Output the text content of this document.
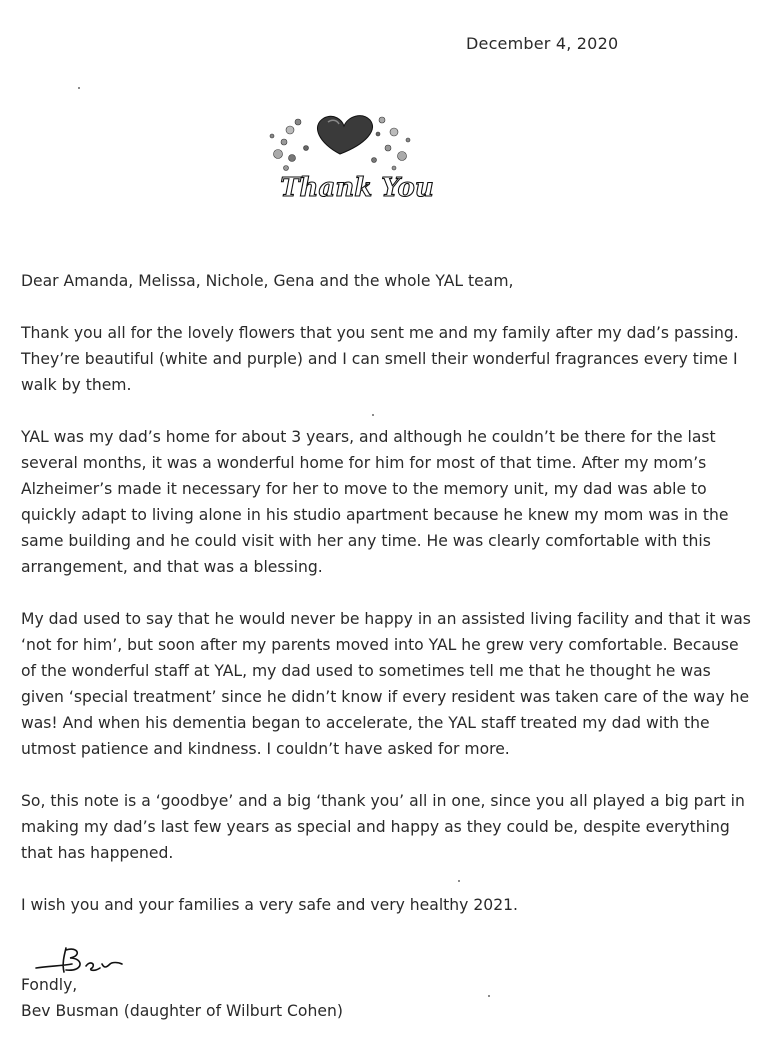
December 4, 2020
Thank You

Dear Amanda, Melissa, Nichole, Gena and the whole YAL team,

Thank you all for the lovely flowers that you sent me and my family after my dad’s passing. They’re beautiful (white and purple) and I can smell their wonderful fragrances every time I walk by them.

YAL was my dad’s home for about 3 years, and although he couldn’t be there for the last several months, it was a wonderful home for him for most of that time. After my mom’s Alzheimer’s made it necessary for her to move to the memory unit, my dad was able to quickly adapt to living alone in his studio apartment because he knew my mom was in the same building and he could visit with her any time. He was clearly comfortable with this arrangement, and that was a blessing.

My dad used to say that he would never be happy in an assisted living facility and that it was ‘not for him’, but soon after my parents moved into YAL he grew very comfortable. Because of the wonderful staff at YAL, my dad used to sometimes tell me that he thought he was given ‘special treatment’ since he didn’t know if every resident was taken care of the way he was! And when his dementia began to accelerate, the YAL staff treated my dad with the utmost patience and kindness. I couldn’t have asked for more.

So, this note is a ‘goodbye’ and a big ‘thank you’ all in one, since you all played a big part in making my dad’s last few years as special and happy as they could be, despite everything that has happened.

I wish you and your families a very safe and very healthy 2021.

Fondly,
Bev Busman (daughter of Wilburt Cohen)
